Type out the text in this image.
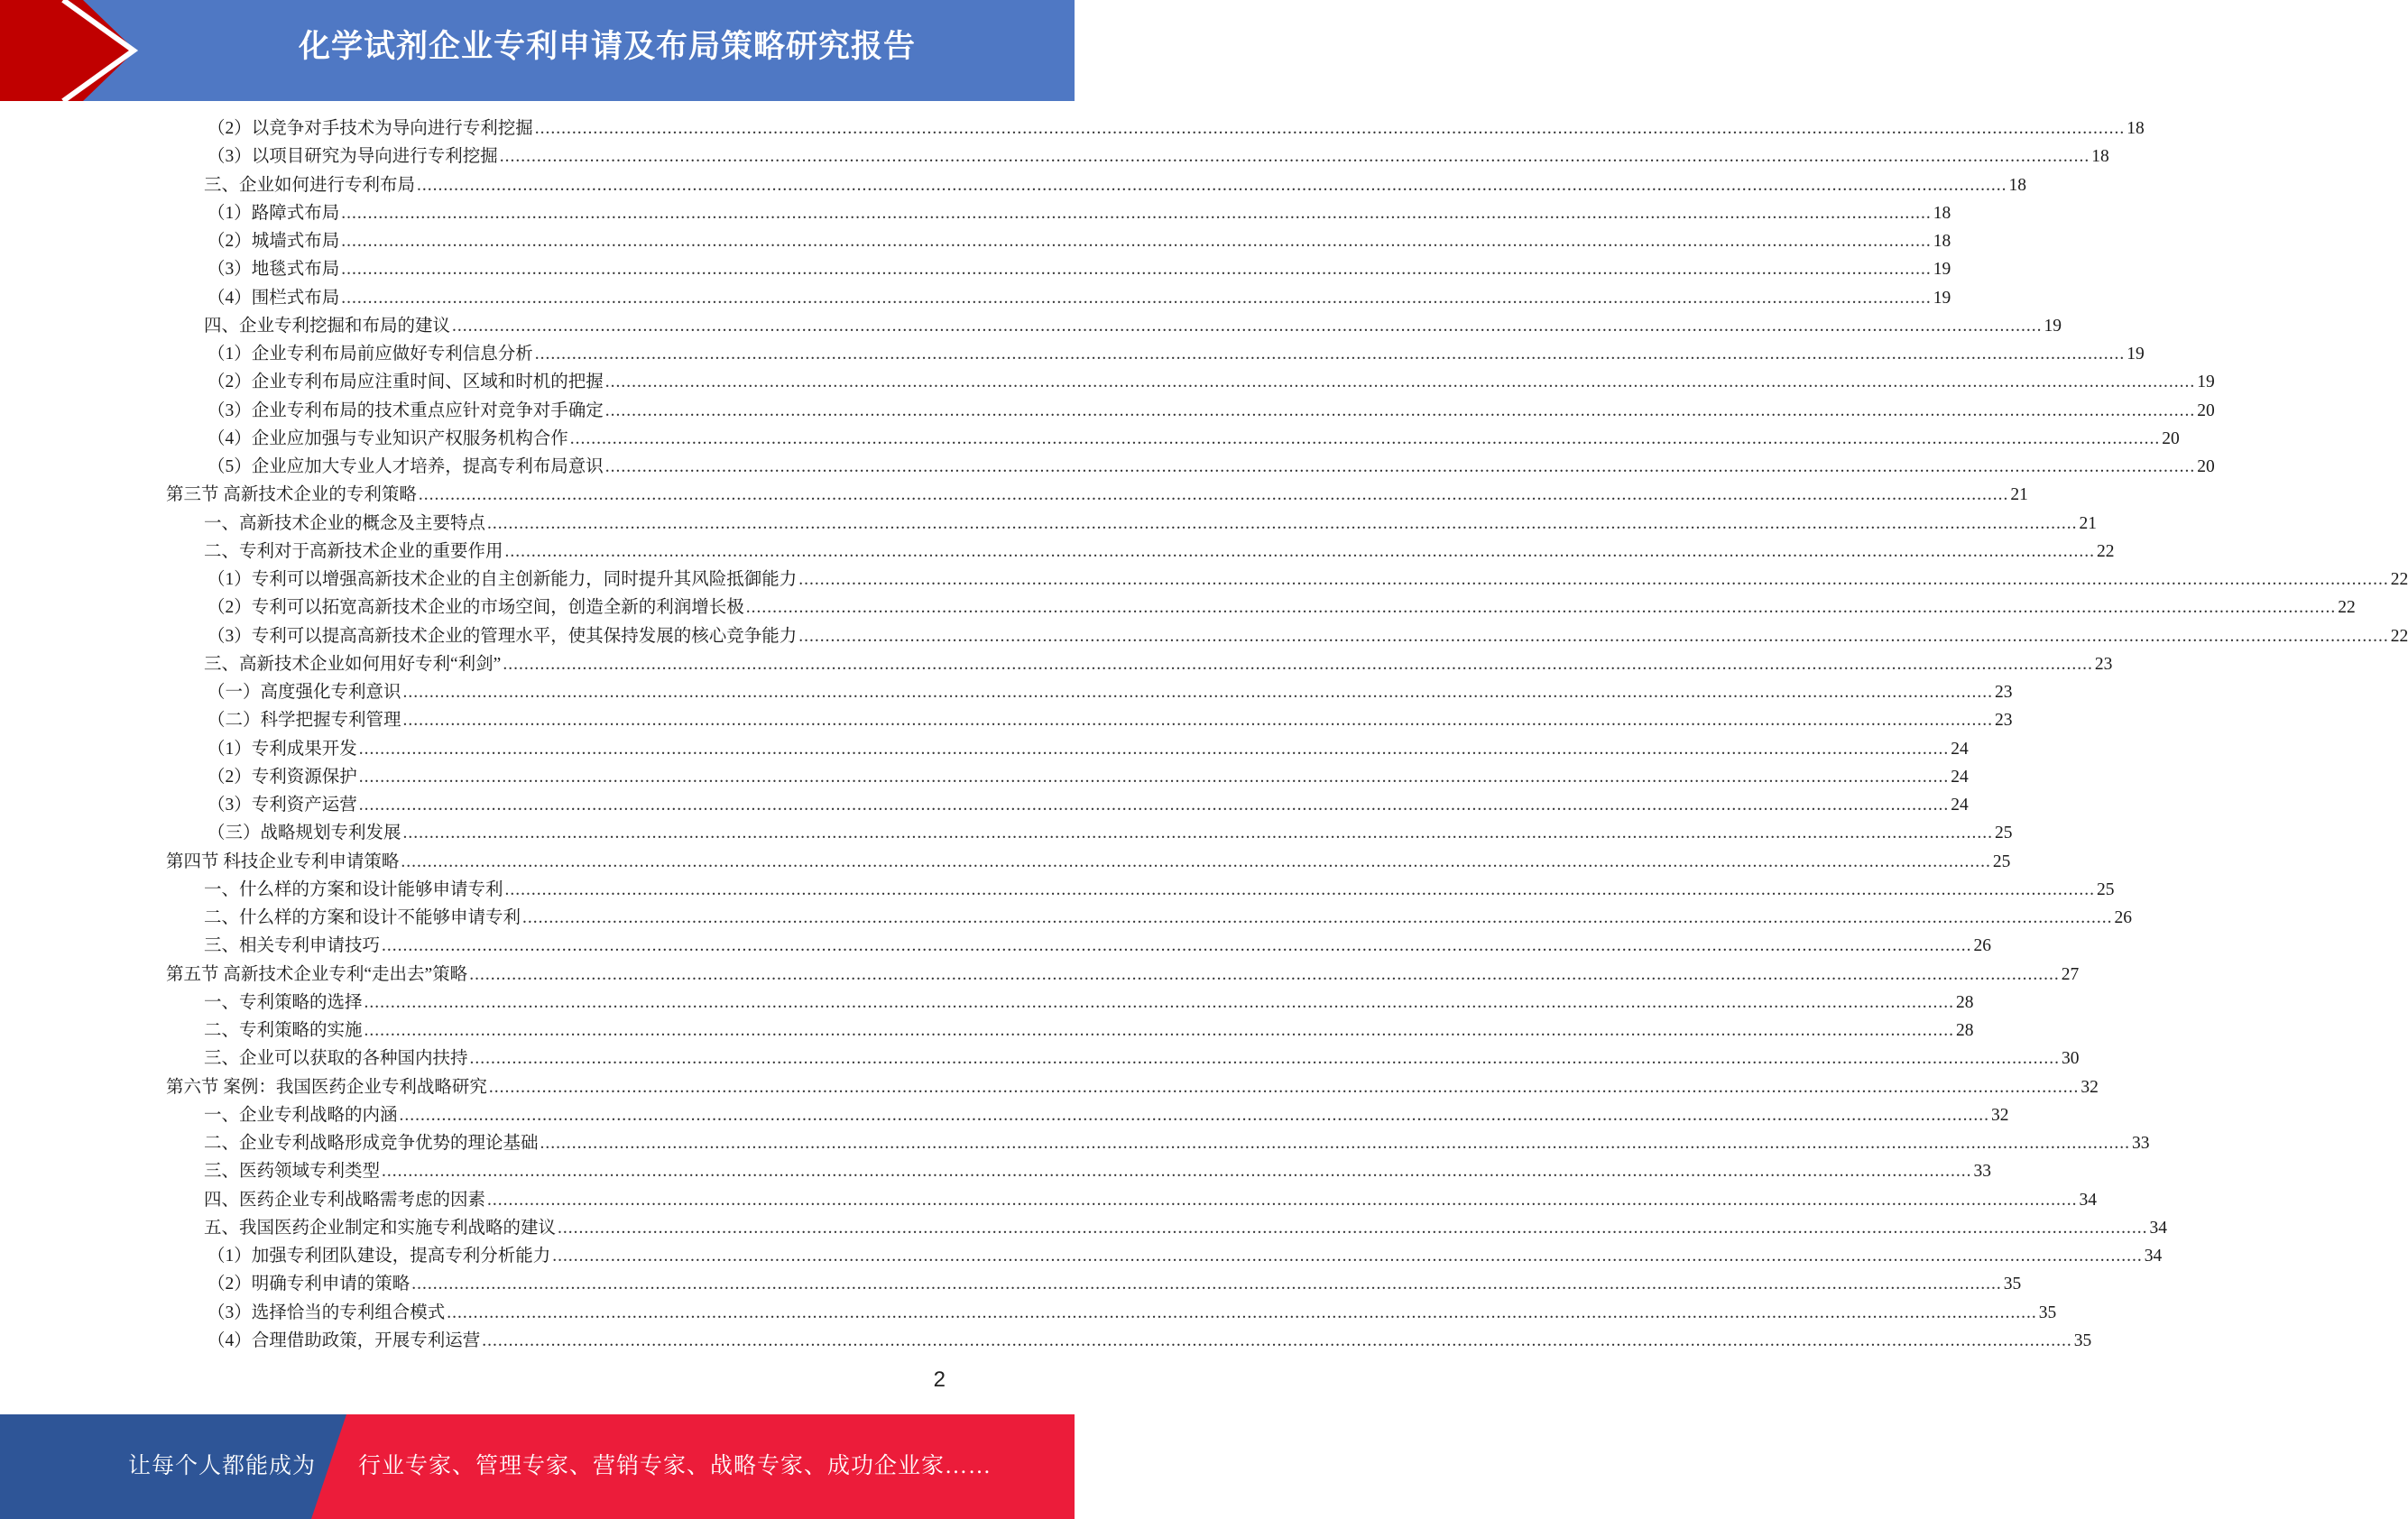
化学试剂企业专利申请及布局策略研究报告
（2）以竞争对手技术为导向进行专利挖掘 ............................................................................................................................................................................................................................................................................................................ 18
（3）以项目研究为导向进行专利挖掘 ............................................................................................................................................................................................................................................................................................................ 18
三、企业如何进行专利布局 ............................................................................................................................................................................................................................................................................................................ 18
（1）路障式布局 ............................................................................................................................................................................................................................................................................................................ 18
（2）城墙式布局 ............................................................................................................................................................................................................................................................................................................ 18
（3）地毯式布局 ............................................................................................................................................................................................................................................................................................................ 19
（4）围栏式布局 ............................................................................................................................................................................................................................................................................................................ 19
四、企业专利挖掘和布局的建议 ............................................................................................................................................................................................................................................................................................................ 19
（1）企业专利布局前应做好专利信息分析 ............................................................................................................................................................................................................................................................................................................ 19
（2）企业专利布局应注重时间、区域和时机的把握 ............................................................................................................................................................................................................................................................................................................ 19
（3）企业专利布局的技术重点应针对竞争对手确定 ............................................................................................................................................................................................................................................................................................................ 20
（4）企业应加强与专业知识产权服务机构合作 ............................................................................................................................................................................................................................................................................................................ 20
（5）企业应加大专业人才培养，提高专利布局意识 ............................................................................................................................................................................................................................................................................................................ 20
第三节 高新技术企业的专利策略 ............................................................................................................................................................................................................................................................................................................ 21
一、高新技术企业的概念及主要特点 ............................................................................................................................................................................................................................................................................................................ 21
二、专利对于高新技术企业的重要作用 ............................................................................................................................................................................................................................................................................................................ 22
（1）专利可以增强高新技术企业的自主创新能力，同时提升其风险抵御能力 ............................................................................................................................................................................................................................................................................................................ 22
（2）专利可以拓宽高新技术企业的市场空间，创造全新的利润增长极 ............................................................................................................................................................................................................................................................................................................ 22
（3）专利可以提高高新技术企业的管理水平，使其保持发展的核心竞争能力 ............................................................................................................................................................................................................................................................................................................ 22
三、高新技术企业如何用好专利“利剑” ............................................................................................................................................................................................................................................................................................................ 23
（一）高度强化专利意识 ............................................................................................................................................................................................................................................................................................................ 23
（二）科学把握专利管理 ............................................................................................................................................................................................................................................................................................................ 23
（1）专利成果开发 ............................................................................................................................................................................................................................................................................................................ 24
（2）专利资源保护 ............................................................................................................................................................................................................................................................................................................ 24
（3）专利资产运营 ............................................................................................................................................................................................................................................................................................................ 24
（三）战略规划专利发展 ............................................................................................................................................................................................................................................................................................................ 25
第四节 科技企业专利申请策略 ............................................................................................................................................................................................................................................................................................................ 25
一、什么样的方案和设计能够申请专利 ............................................................................................................................................................................................................................................................................................................ 25
二、什么样的方案和设计不能够申请专利 ............................................................................................................................................................................................................................................................................................................ 26
三、相关专利申请技巧 ............................................................................................................................................................................................................................................................................................................ 26
第五节 高新技术企业专利“走出去”策略 ............................................................................................................................................................................................................................................................................................................ 27
一、专利策略的选择 ............................................................................................................................................................................................................................................................................................................ 28
二、专利策略的实施 ............................................................................................................................................................................................................................................................................................................ 28
三、企业可以获取的各种国内扶持 ............................................................................................................................................................................................................................................................................................................ 30
第六节 案例：我国医药企业专利战略研究 ............................................................................................................................................................................................................................................................................................................ 32
一、企业专利战略的内涵 ............................................................................................................................................................................................................................................................................................................ 32
二、企业专利战略形成竞争优势的理论基础 ............................................................................................................................................................................................................................................................................................................ 33
三、医药领域专利类型 ............................................................................................................................................................................................................................................................................................................ 33
四、医药企业专利战略需考虑的因素 ............................................................................................................................................................................................................................................................................................................ 34
五、我国医药企业制定和实施专利战略的建议 ............................................................................................................................................................................................................................................................................................................ 34
（1）加强专利团队建设，提高专利分析能力 ............................................................................................................................................................................................................................................................................................................ 34
（2）明确专利申请的策略 ............................................................................................................................................................................................................................................................................................................ 35
（3）选择恰当的专利组合模式 ............................................................................................................................................................................................................................................................................................................ 35
（4）合理借助政策，开展专利运营 ............................................................................................................................................................................................................................................................................................................ 35
2
让每个人都能成为 行业专家、管理专家、营销专家、战略专家、成功企业家……
